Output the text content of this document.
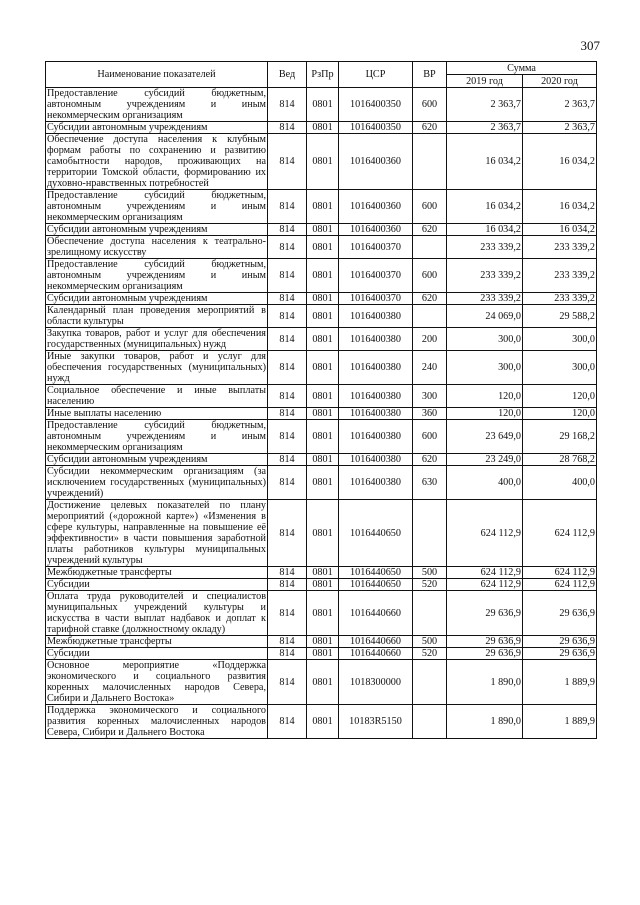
307
Наименование показателей	Вед	РзПр	ЦСР	ВР	Сумма	
					2019 год	2020 год
Предоставление субсидий бюджетным, автономным учреждениям и иным некоммерческим организациям	814	0801	1016400350	600	2 363,7	2 363,7
Субсидии автономным учреждениям	814	0801	1016400350	620	2 363,7	2 363,7
Обеспечение доступа населения к клубным формам работы по сохранению и развитию самобытности народов, проживающих на территории Томской области, формированию их духовно-нравственных потребностей	814	0801	1016400360		16 034,2	16 034,2
Предоставление субсидий бюджетным, автономным учреждениям и иным некоммерческим организациям	814	0801	1016400360	600	16 034,2	16 034,2
Субсидии автономным учреждениям	814	0801	1016400360	620	16 034,2	16 034,2
Обеспечение доступа населения к театрально-зрелищному искусству	814	0801	1016400370		233 339,2	233 339,2
Предоставление субсидий бюджетным, автономным учреждениям и иным некоммерческим организациям	814	0801	1016400370	600	233 339,2	233 339,2
Субсидии автономным учреждениям	814	0801	1016400370	620	233 339,2	233 339,2
Календарный план проведения мероприятий в области культуры	814	0801	1016400380		24 069,0	29 588,2
Закупка товаров, работ и услуг для обеспечения государственных (муниципальных) нужд	814	0801	1016400380	200	300,0	300,0
Иные закупки товаров, работ и услуг для обеспечения государственных (муниципальных) нужд	814	0801	1016400380	240	300,0	300,0
Социальное обеспечение и иные выплаты населению	814	0801	1016400380	300	120,0	120,0
Иные выплаты населению	814	0801	1016400380	360	120,0	120,0
Предоставление субсидий бюджетным, автономным учреждениям и иным некоммерческим организациям	814	0801	1016400380	600	23 649,0	29 168,2
Субсидии автономным учреждениям	814	0801	1016400380	620	23 249,0	28 768,2
Субсидии некоммерческим организациям (за исключением государственных (муниципальных) учреждений)	814	0801	1016400380	630	400,0	400,0
Достижение целевых показателей по плану мероприятий («дорожной карте») «Изменения в сфере культуры, направленные на повышение её эффективности» в части повышения заработной платы работников культуры муниципальных учреждений культуры	814	0801	1016440650		624 112,9	624 112,9
Межбюджетные трансферты	814	0801	1016440650	500	624 112,9	624 112,9
Субсидии	814	0801	1016440650	520	624 112,9	624 112,9
Оплата труда руководителей и специалистов муниципальных учреждений культуры и искусства в части выплат надбавок и доплат к тарифной ставке (должностному окладу)	814	0801	1016440660		29 636,9	29 636,9
Межбюджетные трансферты	814	0801	1016440660	500	29 636,9	29 636,9
Субсидии	814	0801	1016440660	520	29 636,9	29 636,9
Основное мероприятие «Поддержка экономического и социального развития коренных малочисленных народов Севера, Сибири и Дальнего Востока»	814	0801	1018300000		1 890,0	1 889,9
Поддержка экономического и социального развития коренных малочисленных народов Севера, Сибири и Дальнего Востока	814	0801	10183R5150		1 890,0	1 889,9
